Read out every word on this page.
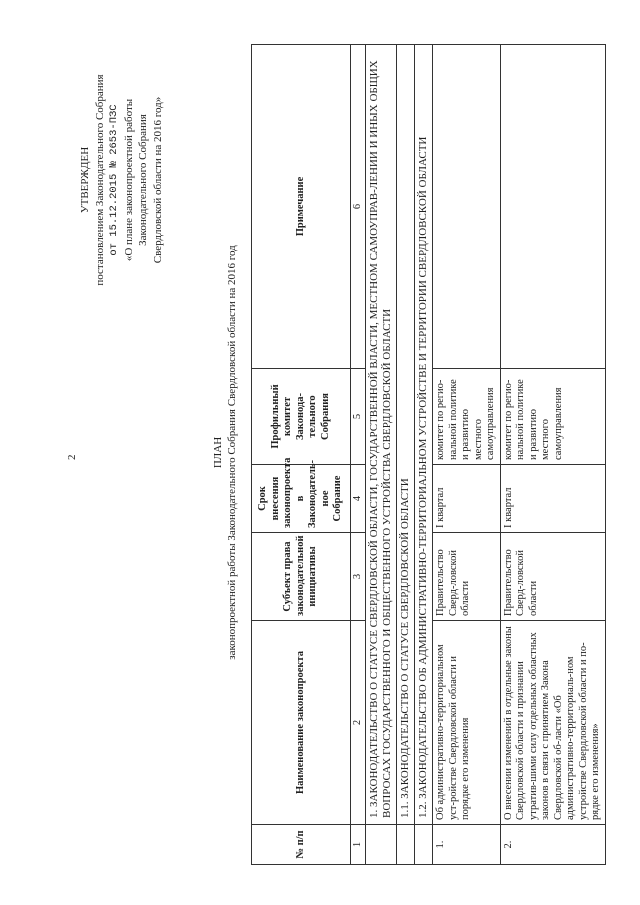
2
УТВЕРЖДЕН постановлением Законодательного Собрания от 15.12.2015 № 2653-ПЗС «О плане законопроектной работы Законодательного Собрания Свердловской области на 2016 год»
ПЛАН законопроектной работы Законодательного Собрания Свердловской области на 2016 год
№ п/п	Наименование законопроекта	Субъект права законодательной инициативы	Срок внесения законопроекта в Законодатель-ное Собрание	Профильный комитет Законода-тельного Собрания	Примечание
1	2	3	4	5	6
	1. ЗАКОНОДАТЕЛЬСТВО О СТАТУСЕ СВЕРДЛОВСКОЙ ОБЛАСТИ, ГОСУДАРСТВЕННОЙ ВЛАСТИ, МЕСТНОМ САМОУПРАВ-ЛЕНИИ И ИНЫХ ОБЩИХ ВОПРОСАХ ГОСУДАРСТВЕННОГО И ОБЩЕСТВЕННОГО УСТРОЙСТВА СВЕРДЛОВСКОЙ ОБЛАСТИ				
	1.1. ЗАКОНОДАТЕЛЬСТВО О СТАТУСЕ СВЕРДЛОВСКОЙ ОБЛАСТИ				
	1.2. ЗАКОНОДАТЕЛЬСТВО ОБ АДМИНИСТРАТИВНО-ТЕРРИТОРИАЛЬНОМ УСТРОЙСТВЕ И ТЕРРИТОРИИ СВЕРДЛОВСКОЙ ОБЛАСТИ				
1.	Об административно-территориальном уст-ройстве Свердловской области и порядке его изменения	Правительство Сверд-ловской области	I квартал	комитет по регио-нальной политике и развитию местного самоуправления	
2.	О внесении изменений в отдельные законы Свердловской области и признании утратив-шими силу отдельных областных законов в связи с принятием Закона Свердловской об-ласти «Об административно-территориаль-ном устройстве Свердловской области и по-рядке его изменения»	Правительство Сверд-ловской области	I квартал	комитет по регио-нальной политике и развитию местного самоуправления	
